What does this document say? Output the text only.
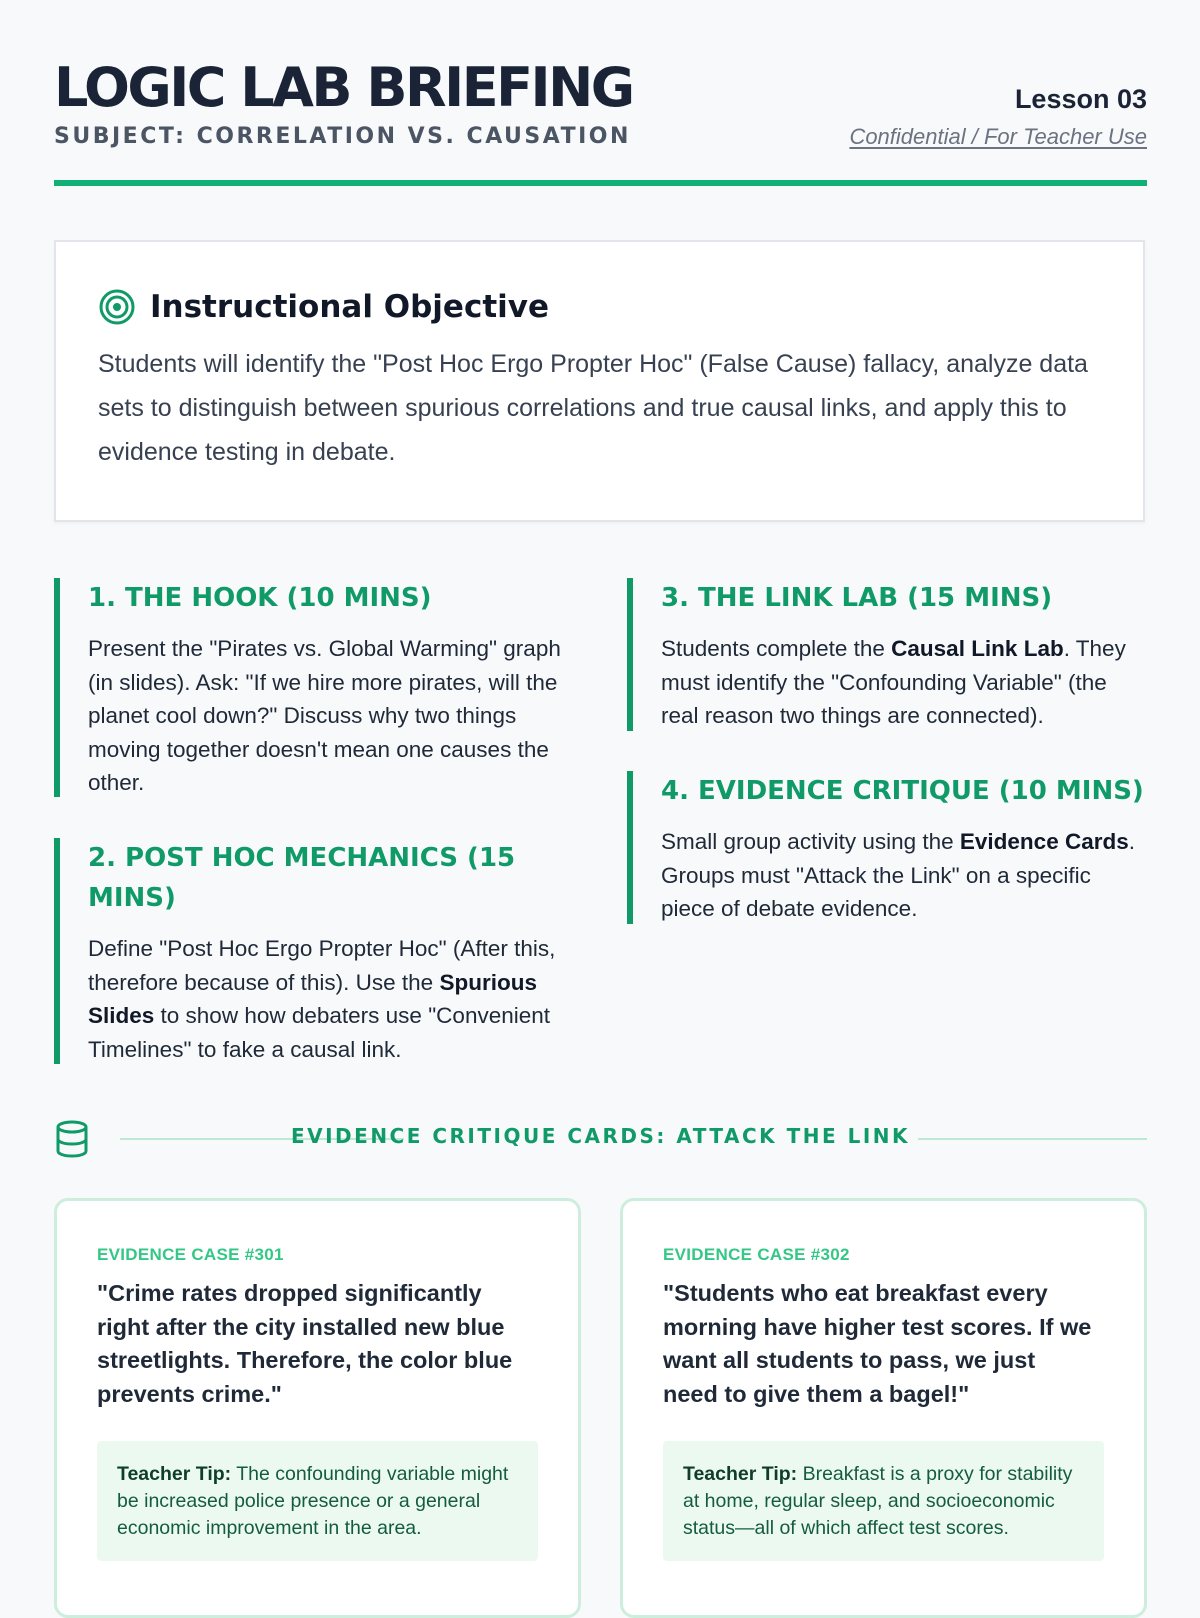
LOGIC LAB BRIEFING
SUBJECT: CORRELATION VS. CAUSATION
Lesson 03
Confidential / For Teacher Use
Instructional Objective

Students will identify the "Post Hoc Ergo Propter Hoc" (False Cause) fallacy, analyze data sets to distinguish between spurious correlations and true causal links, and apply this to evidence testing in debate.

1. THE HOOK (10 MINS)

Present the "Pirates vs. Global Warming" graph (in slides). Ask: "If we hire more pirates, will the planet cool down?" Discuss why two things moving together doesn't mean one causes the other.

2. POST HOC MECHANICS (15 MINS)

Define "Post Hoc Ergo Propter Hoc" (After this, therefore because of this). Use the Spurious Slides to show how debaters use "Convenient Timelines" to fake a causal link.

3. THE LINK LAB (15 MINS)

Students complete the Causal Link Lab. They must identify the "Confounding Variable" (the real reason two things are connected).

4. EVIDENCE CRITIQUE (10 MINS)

Small group activity using the Evidence Cards. Groups must "Attack the Link" on a specific piece of debate evidence.

EVIDENCE CRITIQUE CARDS: ATTACK THE LINK
EVIDENCE CASE #301

"Crime rates dropped significantly right after the city installed new blue streetlights. Therefore, the color blue prevents crime."

Teacher Tip: The confounding variable might be increased police presence or a general economic improvement in the area.
EVIDENCE CASE #302

"Students who eat breakfast every morning have higher test scores. If we want all students to pass, we just need to give them a bagel!"

Teacher Tip: Breakfast is a proxy for stability at home, regular sleep, and socioeconomic status—all of which affect test scores.
